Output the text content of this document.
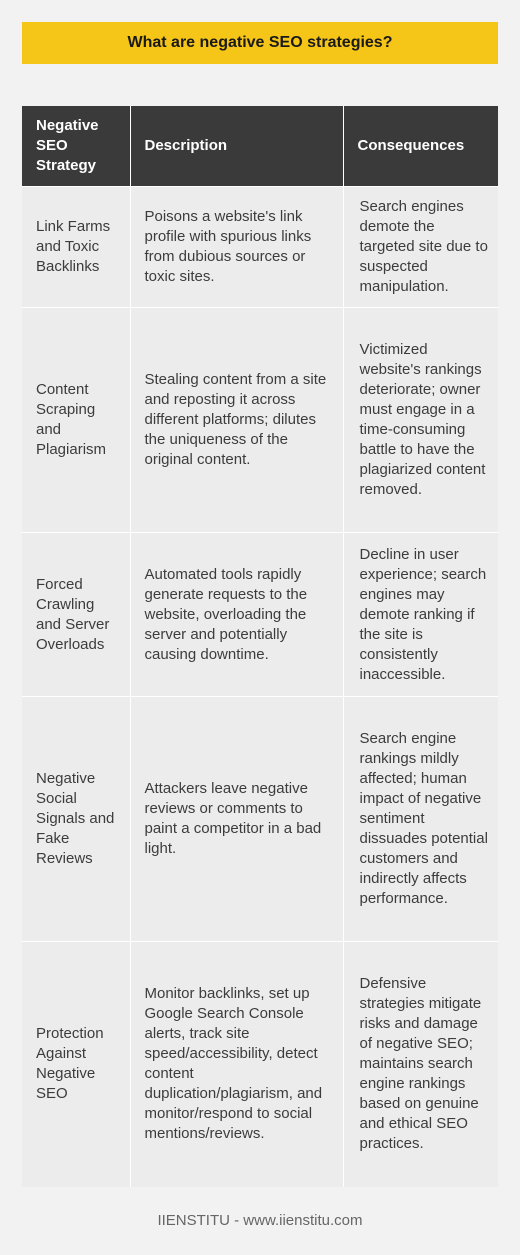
What are negative SEO strategies?
Negative SEO Strategy	Description	Consequences
Link Farms and Toxic Backlinks	Poisons a website's link profile with spurious links from dubious sources or toxic sites.	Search engines demote the targeted site due to suspected manipulation.
Content Scraping and Plagiarism	Stealing content from a site and reposting it across different platforms; dilutes the uniqueness of the original content.	Victimized website's rankings deteriorate; owner must engage in a time-consuming battle to have the plagiarized content removed.
Forced Crawling and Server Overloads	Automated tools rapidly generate requests to the website, overloading the server and potentially causing downtime.	Decline in user experience; search engines may demote ranking if the site is consistently inaccessible.
Negative Social Signals and Fake Reviews	Attackers leave negative reviews or comments to paint a competitor in a bad light.	Search engine rankings mildly affected; human impact of negative sentiment dissuades potential customers and indirectly affects performance.
Protection Against Negative SEO	Monitor backlinks, set up Google Search Console alerts, track site speed/accessibility, detect content duplication/plagiarism, and monitor/respond to social mentions/reviews.	Defensive strategies mitigate risks and damage of negative SEO; maintains search engine rankings based on genuine and ethical SEO practices.
IIENSTITU - www.iienstitu.com
